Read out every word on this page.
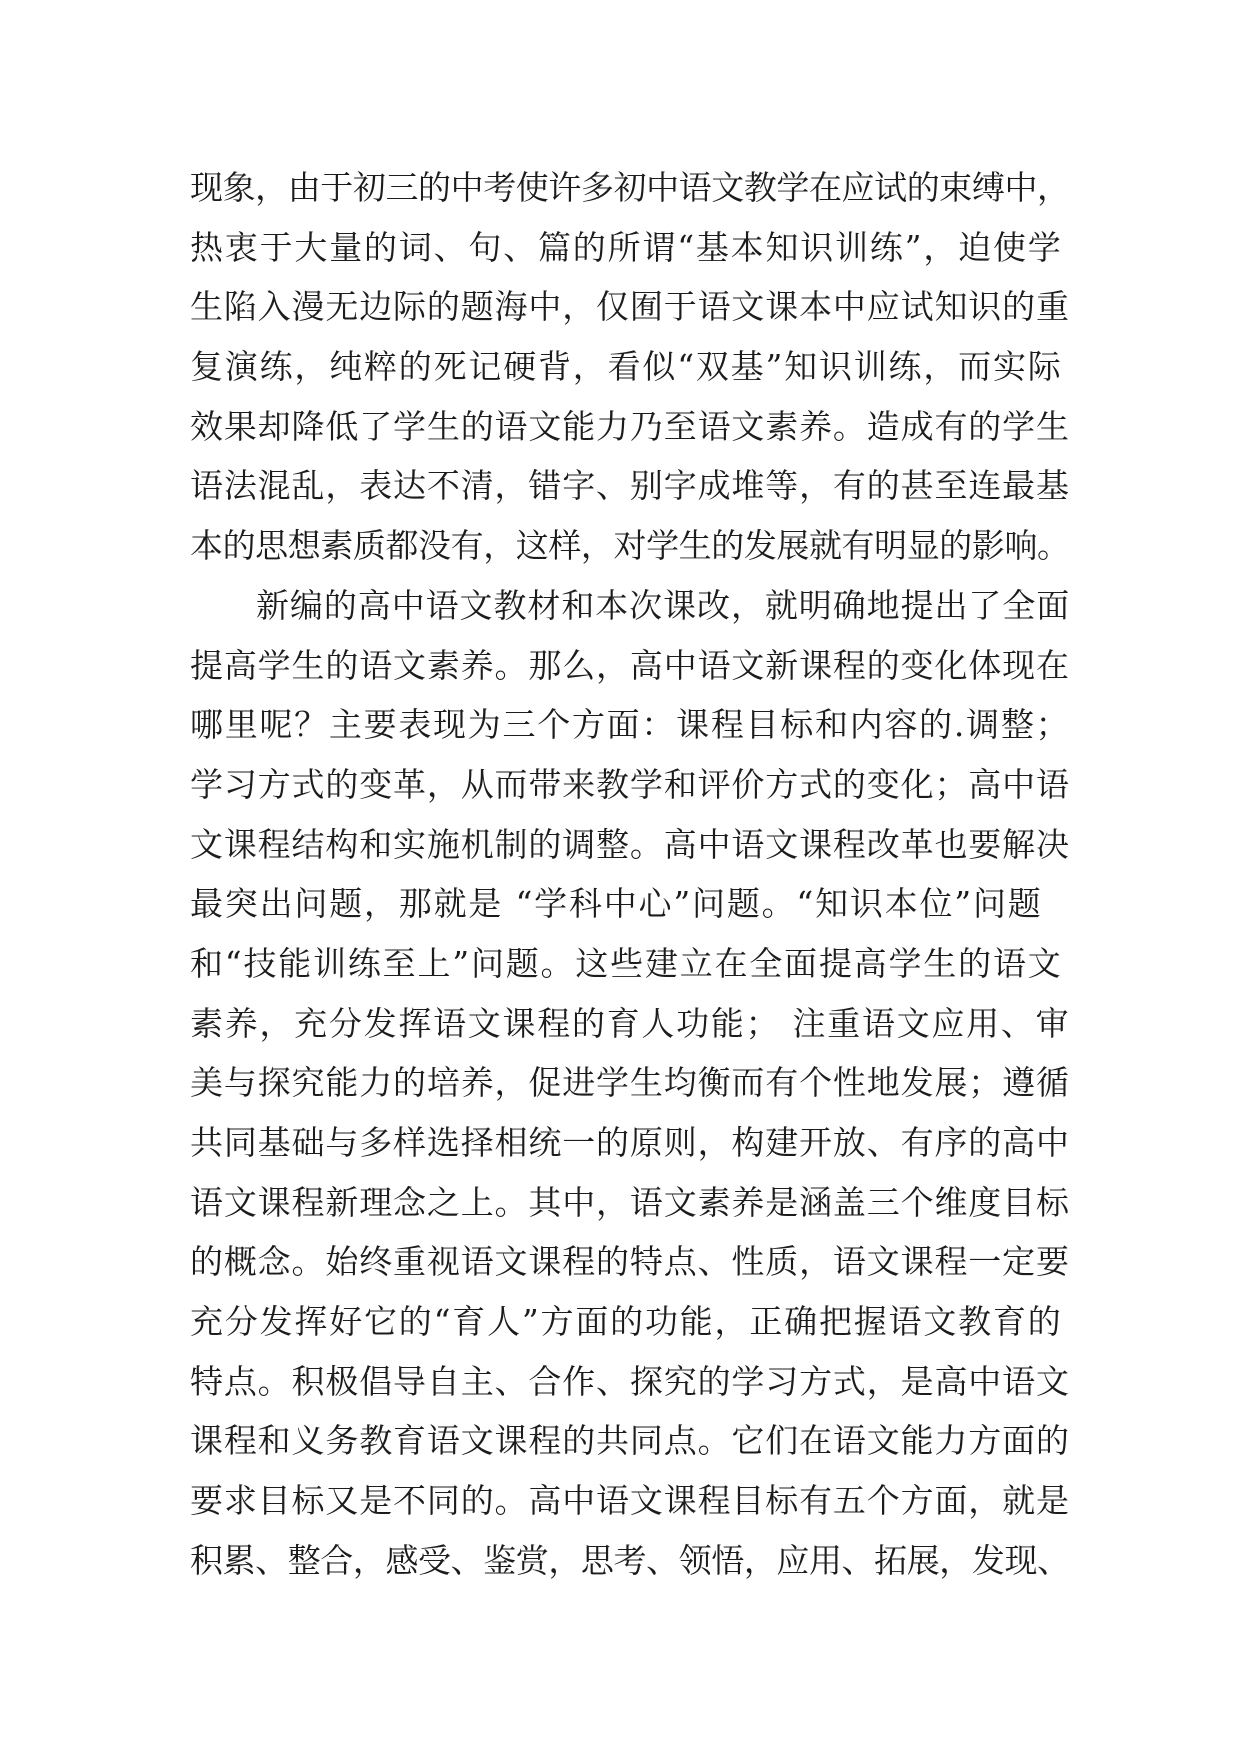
现象，由于初三的中考使许多初中语文教学在应试的束缚中，
热衷于大量的词、句、篇的所谓“基本知识训练”，迫使学
生陷入漫无边际的题海中，仅囿于语文课本中应试知识的重
复演练，纯粹的死记硬背，看似“双基”知识训练，而实际
效果却降低了学生的语文能力乃至语文素养。造成有的学生
语法混乱，表达不清，错字、别字成堆等，有的甚至连最基
本的思想素质都没有，这样，对学生的发展就有明显的影响。
新编的高中语文教材和本次课改，就明确地提出了全面
提高学生的语文素养。那么，高中语文新课程的变化体现在
哪里呢？主要表现为三个方面：课程目标和内容的.调整；
学习方式的变革，从而带来教学和评价方式的变化；高中语
文课程结构和实施机制的调整。高中语文课程改革也要解决
最突出问题，那就是 “学科中心”问题。“知识本位”问题
和“技能训练至上”问题。这些建立在全面提高学生的语文
素养，充分发挥语文课程的育人功能； 注重语文应用、审
美与探究能力的培养，促进学生均衡而有个性地发展；遵循
共同基础与多样选择相统一的原则，构建开放、有序的高中
语文课程新理念之上。其中，语文素养是涵盖三个维度目标
的概念。始终重视语文课程的特点、性质，语文课程一定要
充分发挥好它的“育人”方面的功能，正确把握语文教育的
特点。积极倡导自主、合作、探究的学习方式，是高中语文
课程和义务教育语文课程的共同点。它们在语文能力方面的
要求目标又是不同的。高中语文课程目标有五个方面，就是
积累、整合，感受、鉴赏，思考、领悟，应用、拓展，发现、
